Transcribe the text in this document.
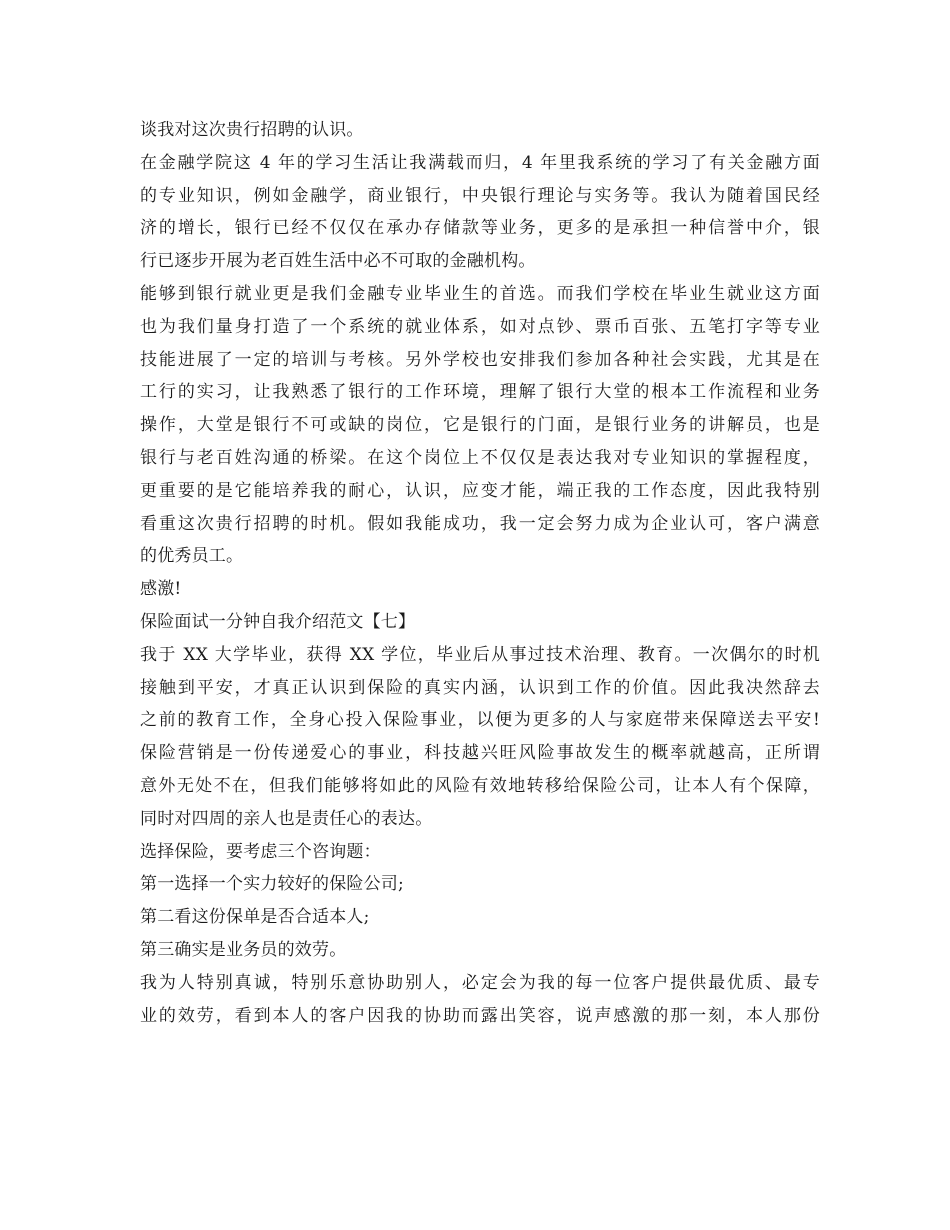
谈我对这次贵行招聘的认识。
在金融学院这 4 年的学习生活让我满载而归，4 年里我系统的学习了有关金融方面
的专业知识，例如金融学，商业银行，中央银行理论与实务等。我认为随着国民经
济的增长，银行已经不仅仅在承办存储款等业务，更多的是承担一种信誉中介，银
行已逐步开展为老百姓生活中必不可取的金融机构。
能够到银行就业更是我们金融专业毕业生的首选。而我们学校在毕业生就业这方面
也为我们量身打造了一个系统的就业体系，如对点钞、票币百张、五笔打字等专业
技能进展了一定的培训与考核。另外学校也安排我们参加各种社会实践，尤其是在
工行的实习，让我熟悉了银行的工作环境，理解了银行大堂的根本工作流程和业务
操作，大堂是银行不可或缺的岗位，它是银行的门面，是银行业务的讲解员，也是
银行与老百姓沟通的桥梁。在这个岗位上不仅仅是表达我对专业知识的掌握程度，
更重要的是它能培养我的耐心，认识，应变才能，端正我的工作态度，因此我特别
看重这次贵行招聘的时机。假如我能成功，我一定会努力成为企业认可，客户满意
的优秀员工。
感激!
保险面试一分钟自我介绍范文【七】
我于 XX 大学毕业，获得 XX 学位，毕业后从事过技术治理、教育。一次偶尔的时机
接触到平安，才真正认识到保险的真实内涵，认识到工作的价值。因此我决然辞去
之前的教育工作，全身心投入保险事业，以便为更多的人与家庭带来保障送去平安!
保险营销是一份传递爱心的事业，科技越兴旺风险事故发生的概率就越高，正所谓
意外无处不在，但我们能够将如此的风险有效地转移给保险公司，让本人有个保障，
同时对四周的亲人也是责任心的表达。
选择保险，要考虑三个咨询题：
第一选择一个实力较好的保险公司;
第二看这份保单是否合适本人;
第三确实是业务员的效劳。
我为人特别真诚，特别乐意协助别人，必定会为我的每一位客户提供最优质、最专
业的效劳，看到本人的客户因我的协助而露出笑容，说声感激的那一刻，本人那份
